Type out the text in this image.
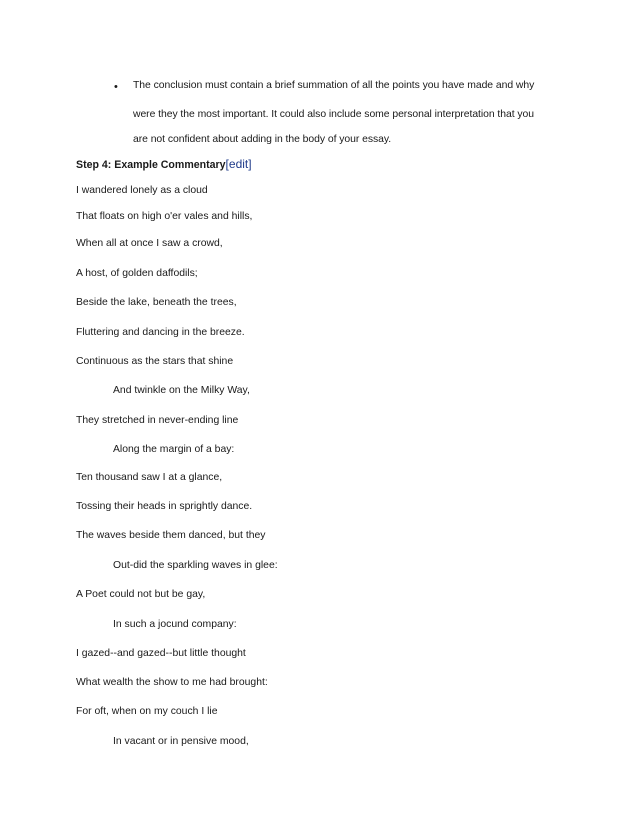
• The conclusion must contain a brief summation of all the points you have made and why
were they the most important. It could also include some personal interpretation that you
are not confident about adding in the body of your essay.
Step 4: Example Commentary[edit]
I wandered lonely as a cloud
That floats on high o'er vales and hills,
When all at once I saw a crowd,
A host, of golden daffodils;
Beside the lake, beneath the trees,
Fluttering and dancing in the breeze.
Continuous as the stars that shine
And twinkle on the Milky Way,
They stretched in never-ending line
Along the margin of a bay:
Ten thousand saw I at a glance,
Tossing their heads in sprightly dance.
The waves beside them danced, but they
Out-did the sparkling waves in glee:
A Poet could not but be gay,
In such a jocund company:
I gazed--and gazed--but little thought
What wealth the show to me had brought:
For oft, when on my couch I lie
In vacant or in pensive mood,
